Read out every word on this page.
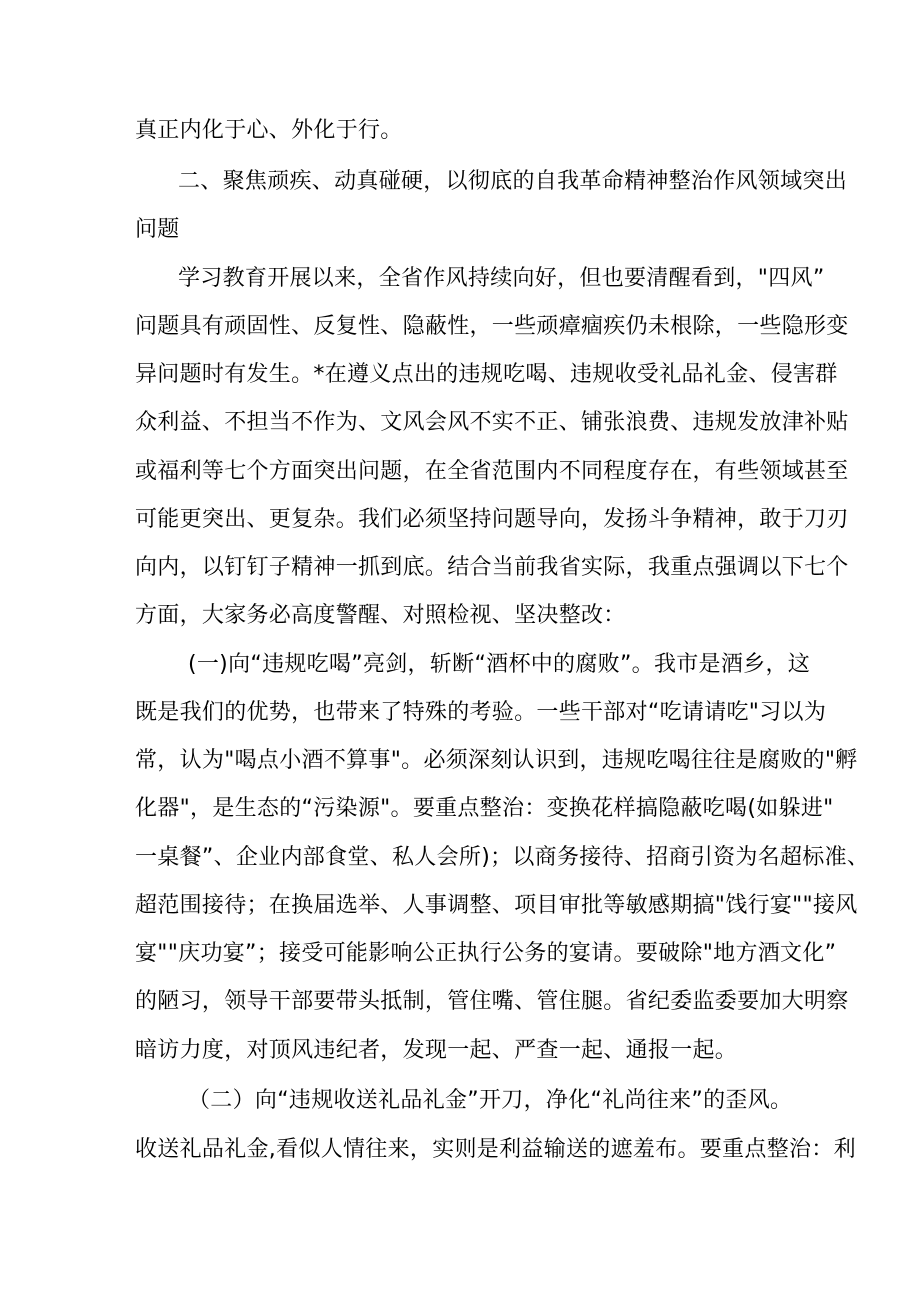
真正内化于心、外化于行。
二、聚焦顽疾、动真碰硬，以彻底的自我革命精神整治作风领域突出
问题
学习教育开展以来，全省作风持续向好，但也要清醒看到，"四风”
问题具有顽固性、反复性、隐蔽性，一些顽瘴痼疾仍未根除，一些隐形变
异问题时有发生。*在遵义点出的违规吃喝、违规收受礼品礼金、侵害群
众利益、不担当不作为、文风会风不实不正、铺张浪费、违规发放津补贴
或福利等七个方面突出问题，在全省范围内不同程度存在，有些领域甚至
可能更突出、更复杂。我们必须坚持问题导向，发扬斗争精神，敢于刀刃
向内，以钉钉子精神一抓到底。结合当前我省实际，我重点强调以下七个
方面，大家务必高度警醒、对照检视、坚决整改：
(一)向“违规吃喝”亮剑，斩断“酒杯中的腐败”。我市是酒乡，这
既是我们的优势，也带来了特殊的考验。一些干部对“吃请请吃"习以为
常，认为"喝点小酒不算事"。必须深刻认识到，违规吃喝往往是腐败的"孵
化器"，是生态的“污染源"。要重点整治：变换花样搞隐蔽吃喝(如躲进"
一桌餐”、企业内部食堂、私人会所)；以商务接待、招商引资为名超标准、
超范围接待；在换届选举、人事调整、项目审批等敏感期搞"饯行宴""接风
宴""庆功宴”；接受可能影响公正执行公务的宴请。要破除"地方酒文化”
的陋习，领导干部要带头抵制，管住嘴、管住腿。省纪委监委要加大明察
暗访力度，对顶风违纪者，发现一起、严查一起、通报一起。
（二）向“违规收送礼品礼金”开刀，净化“礼尚往来”的歪风。
收送礼品礼金,看似人情往来，实则是利益输送的遮羞布。要重点整治：利
